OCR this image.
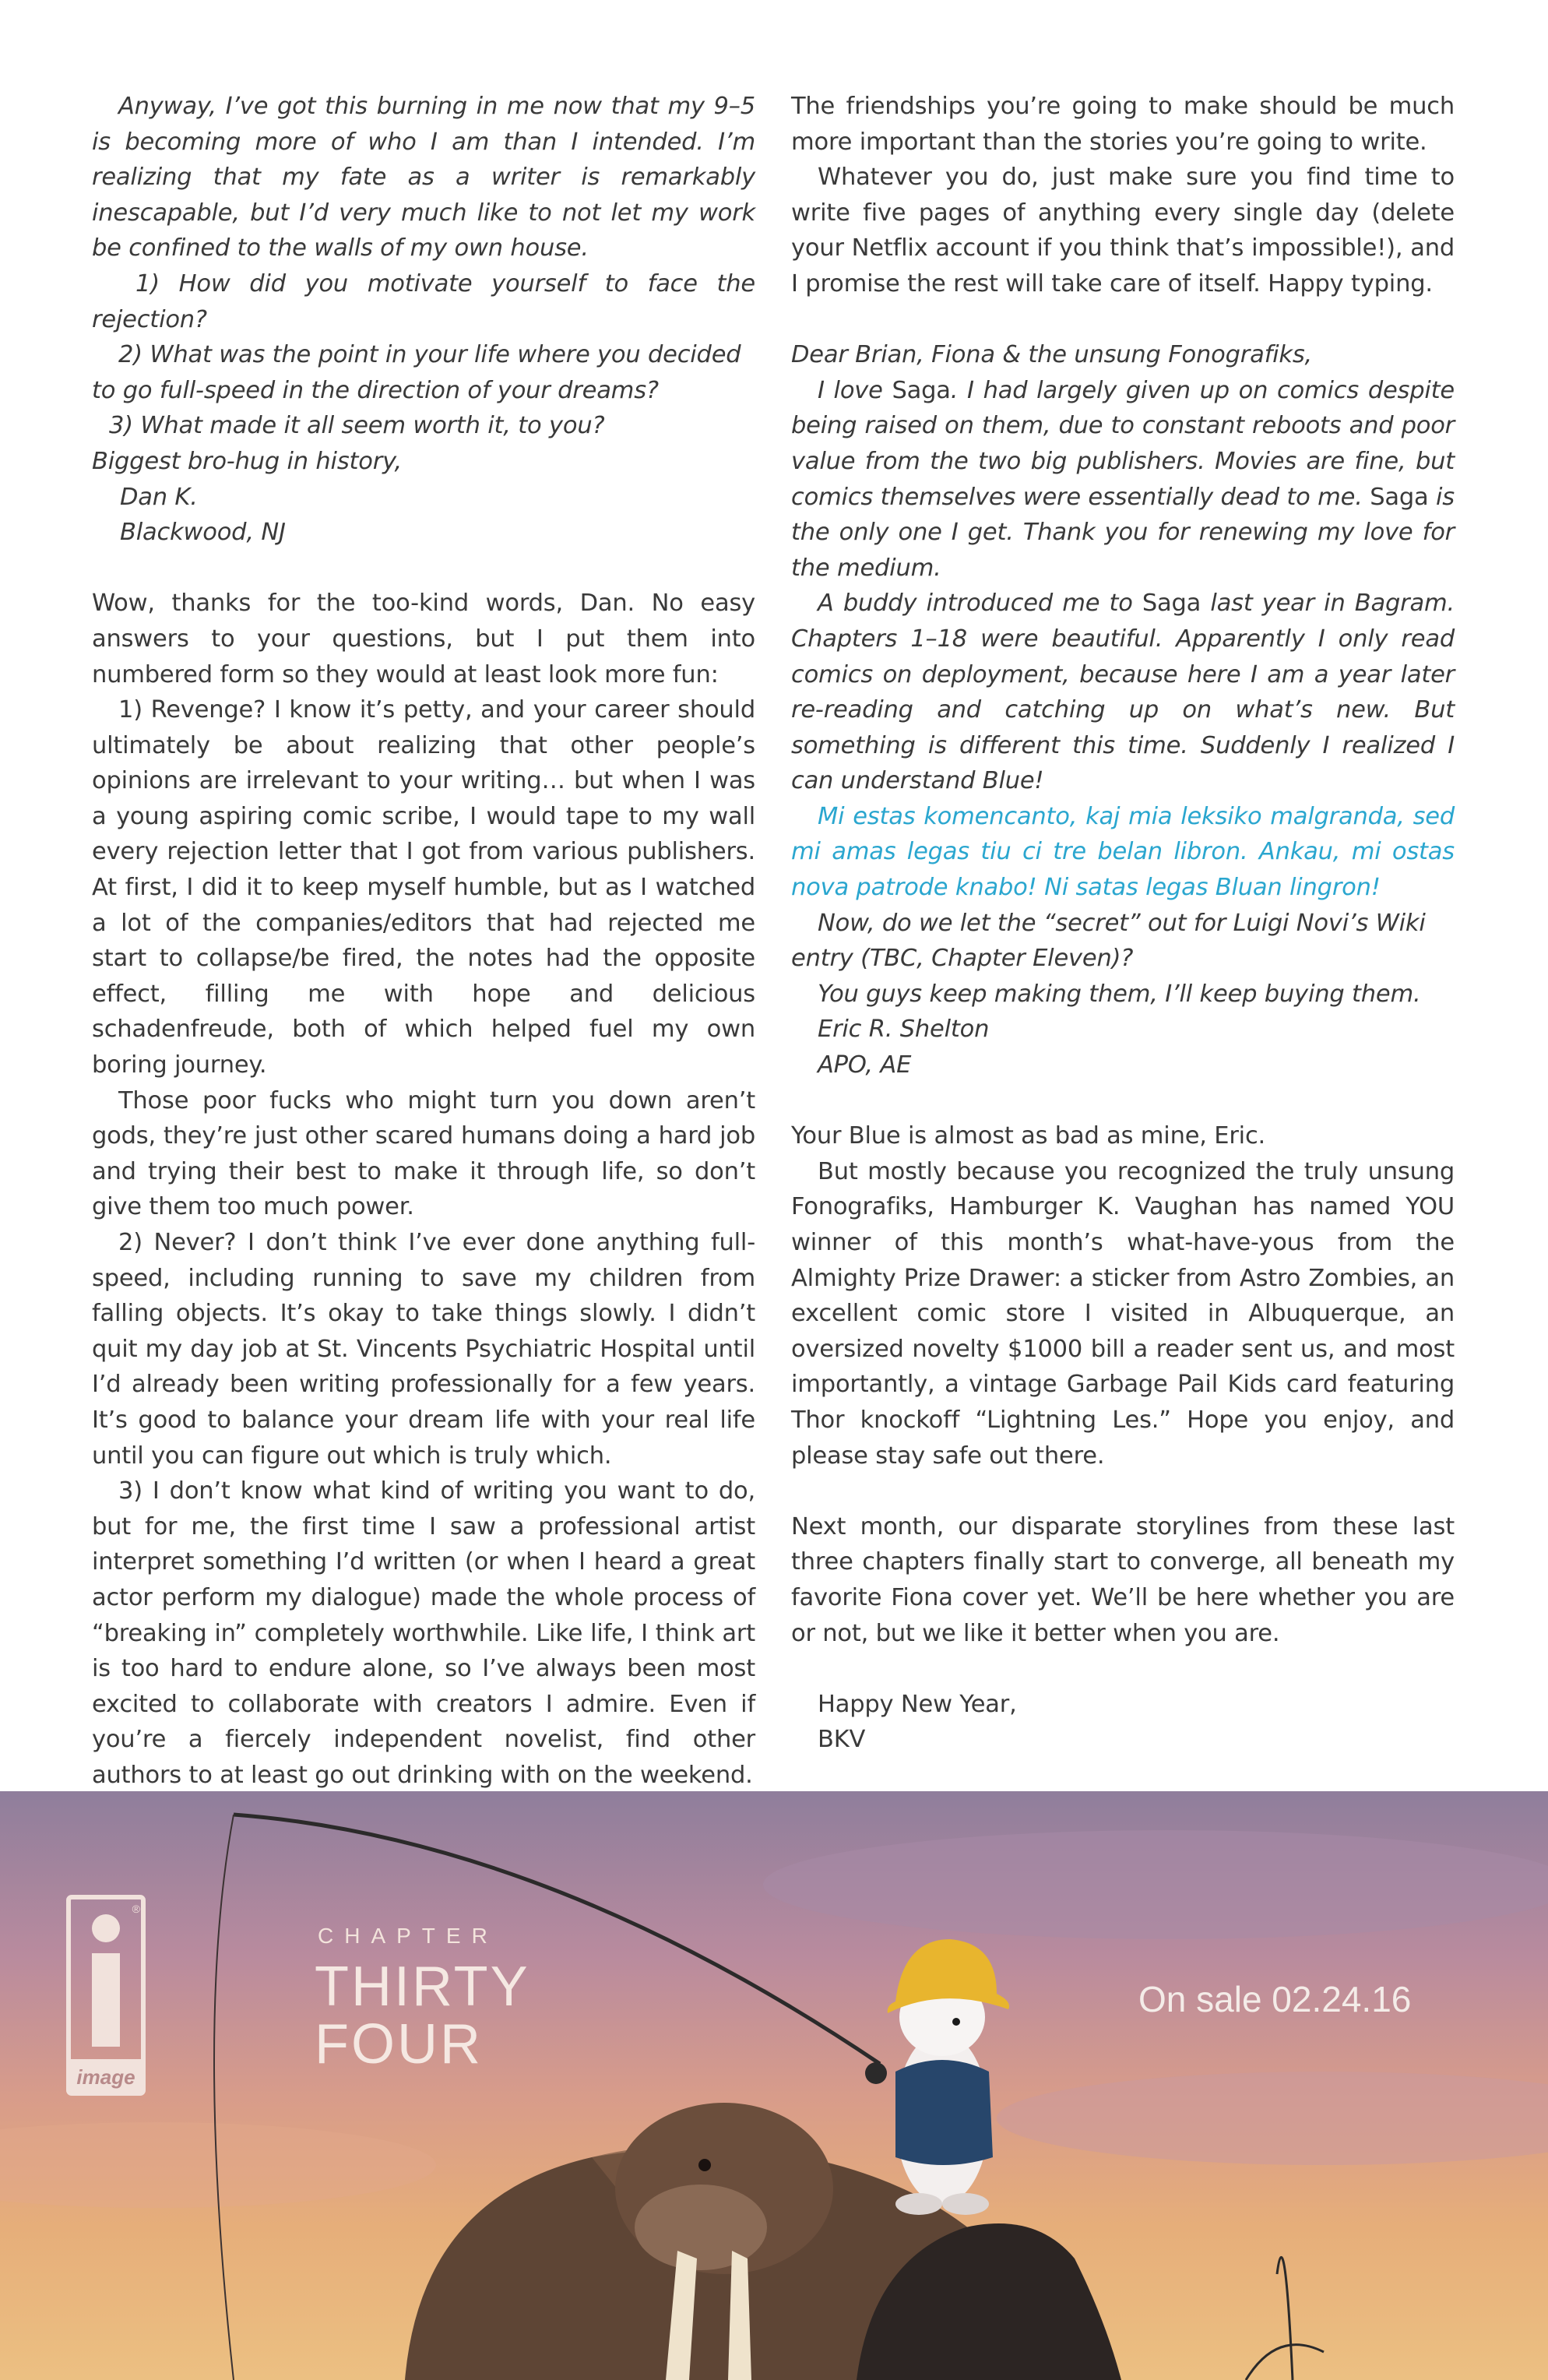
Anyway, I’ve got this burning in me now that my 9–5 is becoming more of who I am than I intended. I’m realizing that my fate as a writer is remarkably inescapable, but I’d very much like to not let my work be confined to the walls of my own house.

1) How did you motivate yourself to face the rejection?

2) What was the point in your life where you decided to go full-speed in the direction of your dreams?

3) What made it all seem worth it, to you?

Biggest bro-hug in history,

Dan K.

Blackwood, NJ

Wow, thanks for the too-kind words, Dan. No easy answers to your questions, but I put them into numbered form so they would at least look more fun:

1) Revenge? I know it’s petty, and your career should ultimately be about realizing that other people’s opinions are irrelevant to your writing… but when I was a young aspiring comic scribe, I would tape to my wall every rejection letter that I got from various publishers. At first, I did it to keep myself humble, but as I watched a lot of the companies/editors that had rejected me start to collapse/be fired, the notes had the opposite effect, filling me with hope and delicious schadenfreude, both of which helped fuel my own boring journey.

Those poor fucks who might turn you down aren’t gods, they’re just other scared humans doing a hard job and trying their best to make it through life, so don’t give them too much power.

2) Never? I don’t think I’ve ever done anything full-speed, including running to save my children from falling objects. It’s okay to take things slowly. I didn’t quit my day job at St. Vincents Psychiatric Hospital until I’d already been writing professionally for a few years. It’s good to balance your dream life with your real life until you can figure out which is truly which.

3) I don’t know what kind of writing you want to do, but for me, the first time I saw a professional artist interpret something I’d written (or when I heard a great actor perform my dialogue) made the whole process of “breaking in” completely worthwhile. Like life, I think art is too hard to endure alone, so I’ve always been most excited to collaborate with creators I admire. Even if you’re a fiercely independent novelist, find other authors to at least go out drinking with on the weekend.

The friendships you’re going to make should be much more important than the stories you’re going to write.

Whatever you do, just make sure you find time to write five pages of anything every single day (delete your Netflix account if you think that’s impossible!), and I promise the rest will take care of itself. Happy typing.

Dear Brian, Fiona & the unsung Fonografiks,

I love Saga. I had largely given up on comics despite being raised on them, due to constant reboots and poor value from the two big publishers. Movies are fine, but comics themselves were essentially dead to me. Saga is the only one I get. Thank you for renewing my love for the medium.

A buddy introduced me to Saga last year in Bagram. Chapters 1–18 were beautiful. Apparently I only read comics on deployment, because here I am a year later re-reading and catching up on what’s new. But something is different this time. Suddenly I realized I can understand Blue!

Mi estas komencanto, kaj mia leksiko malgranda, sed mi amas legas tiu ci tre belan libron. Ankau, mi ostas nova patrode knabo! Ni satas legas Bluan lingron!

Now, do we let the “secret” out for Luigi Novi’s Wiki entry (TBC, Chapter Eleven)?

You guys keep making them, I’ll keep buying them.

Eric R. Shelton

APO, AE

Your Blue is almost as bad as mine, Eric.

But mostly because you recognized the truly unsung Fonografiks, Hamburger K. Vaughan has named YOU winner of this month’s what-have-yous from the Almighty Prize Drawer: a sticker from Astro Zombies, an excellent comic store I visited in Albuquerque, an oversized novelty $1000 bill a reader sent us, and most importantly, a vintage Garbage Pail Kids card featuring Thor knockoff “Lightning Les.” Hope you enjoy, and please stay safe out there.

Next month, our disparate storylines from these last three chapters finally start to converge, all beneath my favorite Fiona cover yet. We’ll be here whether you are or not, but we like it better when you are.

Happy New Year,

BKV

image
®
CHAPTER
THIRTY
FOUR
On sale 02.24.16
